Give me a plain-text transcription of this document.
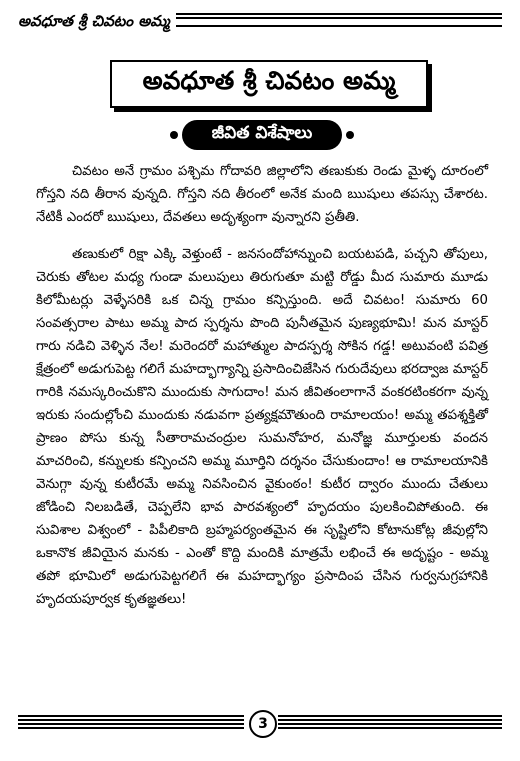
అవధూత శ్రీ చివటం అమ్మ
అవధూత శ్రీ చివటం అమ్మ
జీవిత విశేషాలు

చివటం అనే గ్రామం పశ్చిమ గోదావరి జిల్లాలోని తణుకుకు రెండు మైళ్ళ దూరంలో గోస్తని నది తీరాన వున్నది. గోస్తని నది తీరంలో అనేక మంది ఋషులు తపస్సు చేశారట. నేటికీ ఎందరో ఋషులు, దేవతలు అదృశ్యంగా వున్నారని ప్రతీతి.

తణుకులో రిక్షా ఎక్కి వెళ్తుంటే - జనసందోహాన్నుంచి బయటపడి, పచ్చని తోపులు, చెరుకు తోటల మధ్య గుండా మలుపులు తిరుగుతూ మట్టి రోడ్డు మీద సుమారు మూడు కిలోమీటర్లు వెళ్ళేసరికి ఒక చిన్న గ్రామం కన్పిస్తుంది. అదే చివటం! సుమారు 60 సంవత్సరాల పాటు అమ్మ పాద స్పర్శను పొంది పునీతమైన పుణ్యభూమి! మన మాస్టర్ గారు నడిచి వెళ్ళిన నేల! మరెందరో మహాత్ముల పాదస్పర్శ సోకిన గడ్డ! అటువంటి పవిత్ర క్షేత్రంలో అడుగుపెట్ట గలిగే మహద్భాగ్యాన్ని ప్రసాదించిజేసిన గురుదేవులు భరద్వాజ మాస్టర్ గారికి నమస్కరించుకొని ముందుకు సాగుదాం! మన జీవితంలాగానే వంకరటింకరగా వున్న ఇరుకు సందుల్లోంచి ముందుకు నడువగా ప్రత్యక్షమౌతుంది రామాలయం! అమ్మ తపశ్శక్తితో ప్రాణం పోసు కున్న సీతారామచంద్రుల సుమనోహర, మనోజ్ఞ మూర్తులకు వందన మాచరించి, కన్నులకు కన్పించని అమ్మ మూర్తిని దర్శనం చేసుకుందాం! ఆ రామాలయానికి వెనుగ్గా వున్న కుటీరమే అమ్మ నివసించిన వైకుంఠం! కుటీర ద్వారం ముందు చేతులు జోడించి నిలబడితే, చెప్పలేని భావ పారవశ్యంలో హృదయం పులకించిపోతుంది. ఈ సువిశాల విశ్వంలో - పిపీలికాది బ్రహ్మపర్యంతమైన ఈ సృష్టిలోని కోటానుకోట్ల జీవుల్లోని ఒకానొక జీవియైన మనకు - ఎంతో కొద్ది మందికి మాత్రమే లభించే ఈ అదృష్టం - అమ్మ తపో భూమిలో అడుగుపెట్టగలిగే ఈ మహద్భాగ్యం ప్రసాదింప చేసిన గుర్వనుగ్రహానికి హృదయపూర్వక కృతజ్ఞతలు!

3
